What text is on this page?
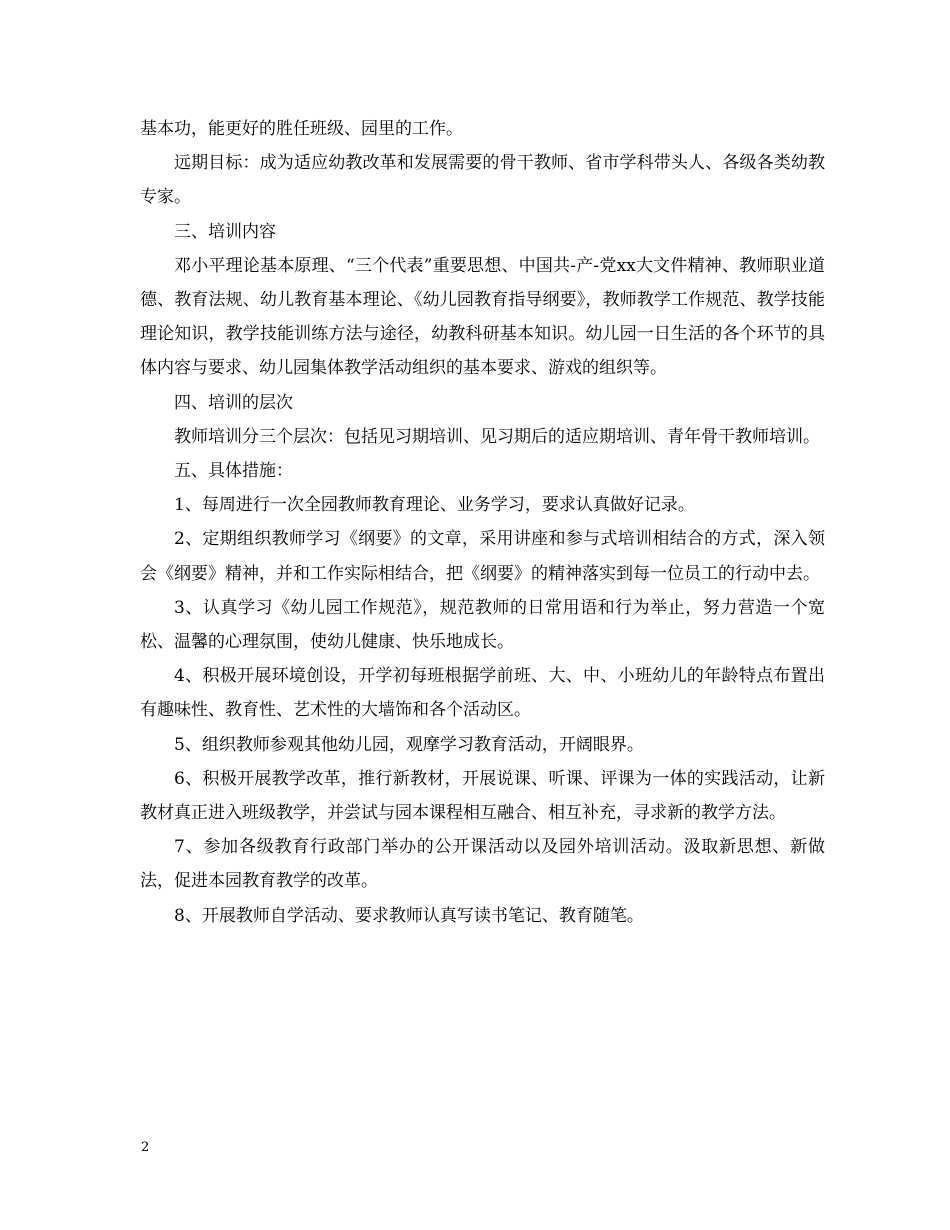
基本功，能更好的胜任班级、园里的工作。

远期目标：成为适应幼教改革和发展需要的骨干教师、省市学科带头人、各级各类幼教专家。

三、培训内容

邓小平理论基本原理、“三个代表”重要思想、中国共-产-党xx大文件精神、教师职业道德、教育法规、幼儿教育基本理论、《幼儿园教育指导纲要》，教师教学工作规范、教学技能理论知识，教学技能训练方法与途径，幼教科研基本知识。幼儿园一日生活的各个环节的具体内容与要求、幼儿园集体教学活动组织的基本要求、游戏的组织等。

四、培训的层次

教师培训分三个层次：包括见习期培训、见习期后的适应期培训、青年骨干教师培训。

五、具体措施：

1、每周进行一次全园教师教育理论、业务学习，要求认真做好记录。

2、定期组织教师学习《纲要》的文章，采用讲座和参与式培训相结合的方式，深入领会《纲要》精神，并和工作实际相结合，把《纲要》的精神落实到每一位员工的行动中去。

3、认真学习《幼儿园工作规范》，规范教师的日常用语和行为举止，努力营造一个宽松、温馨的心理氛围，使幼儿健康、快乐地成长。

4、积极开展环境创设，开学初每班根据学前班、大、中、小班幼儿的年龄特点布置出有趣味性、教育性、艺术性的大墙饰和各个活动区。

5、组织教师参观其他幼儿园，观摩学习教育活动，开阔眼界。

6、积极开展教学改革，推行新教材，开展说课、听课、评课为一体的实践活动，让新教材真正进入班级教学，并尝试与园本课程相互融合、相互补充，寻求新的教学方法。

7、参加各级教育行政部门举办的公开课活动以及园外培训活动。汲取新思想、新做法，促进本园教育教学的改革。

8、开展教师自学活动、要求教师认真写读书笔记、教育随笔。

2
